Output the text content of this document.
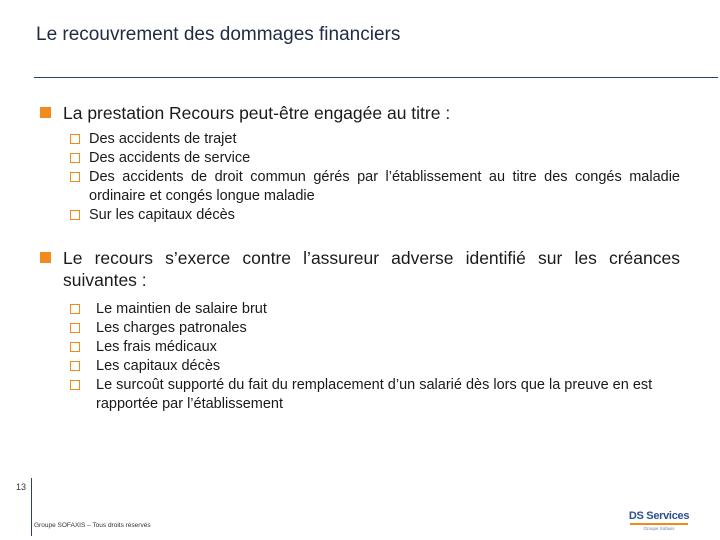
Le recouvrement des dommages financiers
La prestation Recours peut-être engagée au titre :
Des accidents de trajet
Des accidents de service
Des accidents de droit commun gérés par l’établissement au titre des congés maladie ordinaire et congés longue maladie
Sur les capitaux décès
Le recours s’exerce contre l’assureur adverse identifié sur les créances suivantes :
Le maintien de salaire brut
Les charges patronales
Les frais médicaux
Les capitaux décès
Le surcoût supporté du fait du remplacement d’un salarié dès lors que la preuve en est rapportée par l’établissement
13
Groupe SOFAXIS – Tous droits réservés
DS Services
Groupe Sofaxis
